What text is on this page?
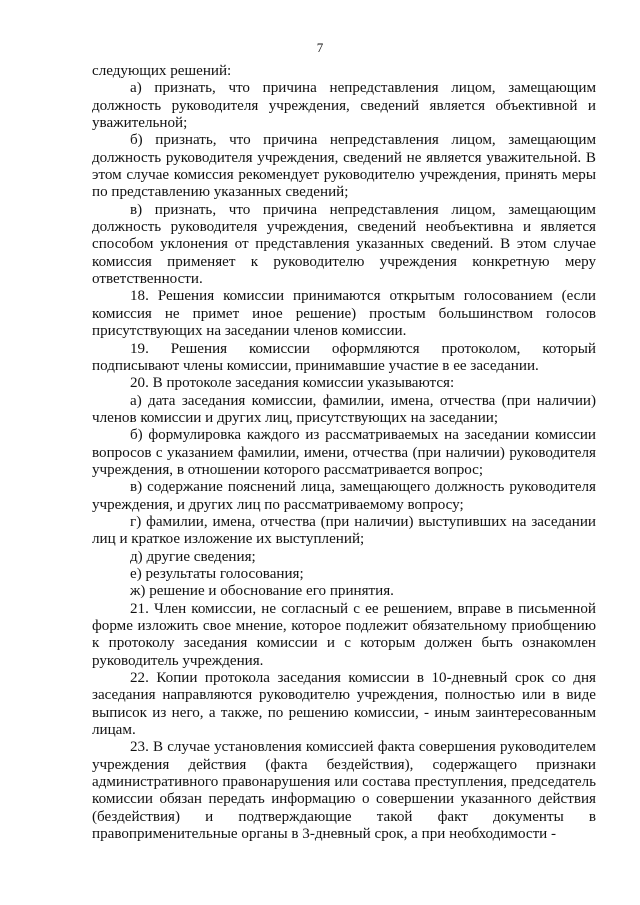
7

следующих решений:

а) признать, что причина непредставления лицом, замещающим должность руководителя учреждения, сведений является объективной и уважительной;

б) признать, что причина непредставления лицом, замещающим должность руководителя учреждения, сведений не является уважительной. В этом случае комиссия рекомендует руководителю учреждения, принять меры по представлению указанных сведений;

в) признать, что причина непредставления лицом, замещающим должность руководителя учреждения, сведений необъективна и является способом уклонения от представления указанных сведений. В этом случае комиссия применяет к руководителю учреждения конкретную меру ответственности.

18. Решения комиссии принимаются открытым голосованием (если комиссия не примет иное решение) простым большинством голосов присутствующих на заседании членов комиссии.

19. Решения комиссии оформляются протоколом, который подписывают члены комиссии, принимавшие участие в ее заседании.

20. В протоколе заседания комиссии указываются:

а) дата заседания комиссии, фамилии, имена, отчества (при наличии) членов комиссии и других лиц, присутствующих на заседании;

б) формулировка каждого из рассматриваемых на заседании комиссии вопросов с указанием фамилии, имени, отчества (при наличии) руководителя учреждения, в отношении которого рассматривается вопрос;

в) содержание пояснений лица, замещающего должность руководителя учреждения, и других лиц по рассматриваемому вопросу;

г) фамилии, имена, отчества (при наличии) выступивших на заседании лиц и краткое изложение их выступлений;

д) другие сведения;

е) результаты голосования;

ж) решение и обоснование его принятия.

21. Член комиссии, не согласный с ее решением, вправе в письменной форме изложить свое мнение, которое подлежит обязательному приобщению к протоколу заседания комиссии и с которым должен быть ознакомлен руководитель учреждения.

22. Копии протокола заседания комиссии в 10-дневный срок со дня заседания направляются руководителю учреждения, полностью или в виде выписок из него, а также, по решению комиссии, - иным заинтересованным лицам.

23. В случае установления комиссией факта совершения руководителем учреждения действия (факта бездействия), содержащего признаки административного правонарушения или состава преступления, председатель комиссии обязан передать информацию о совершении указанного действия (бездействия) и подтверждающие такой факт документы в правоприменительные органы в 3-дневный срок, а при необходимости -
